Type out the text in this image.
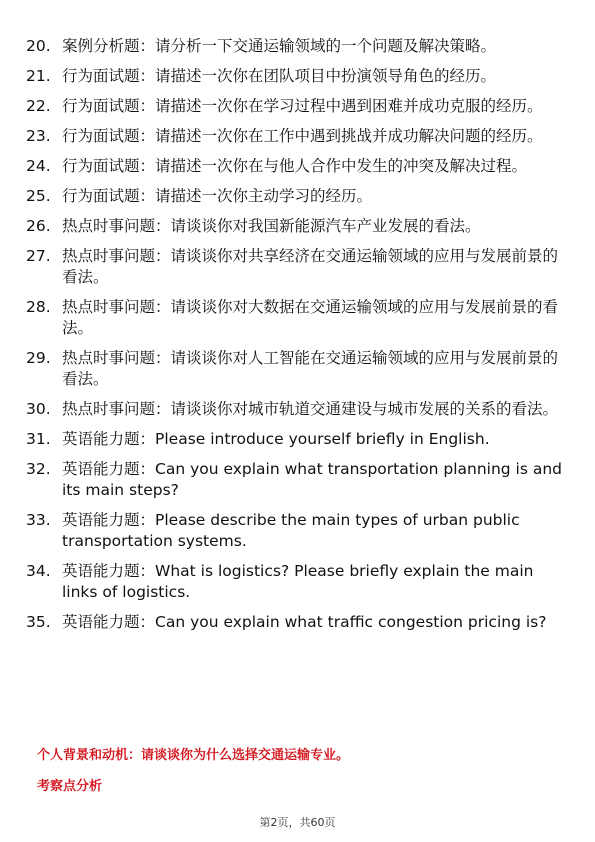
20. 案例分析题：请分析一下交通运输领域的一个问题及解决策略。
21. 行为面试题：请描述一次你在团队项目中扮演领导角色的经历。
22. 行为面试题：请描述一次你在学习过程中遇到困难并成功克服的经历。
23. 行为面试题：请描述一次你在工作中遇到挑战并成功解决问题的经历。
24. 行为面试题：请描述一次你在与他人合作中发生的冲突及解决过程。
25. 行为面试题：请描述一次你主动学习的经历。
26. 热点时事问题：请谈谈你对我国新能源汽车产业发展的看法。
27. 热点时事问题：请谈谈你对共享经济在交通运输领域的应用与发展前景的看法。
28. 热点时事问题：请谈谈你对大数据在交通运输领域的应用与发展前景的看法。
29. 热点时事问题：请谈谈你对人工智能在交通运输领域的应用与发展前景的看法。
30. 热点时事问题：请谈谈你对城市轨道交通建设与城市发展的关系的看法。
31. 英语能力题：Please introduce yourself briefly in English.
32. 英语能力题：Can you explain what transportation planning is and its main steps?
33. 英语能力题：Please describe the main types of urban public transportation systems.
34. 英语能力题：What is logistics? Please briefly explain the main links of logistics.
35. 英语能力题：Can you explain what traffic congestion pricing is?
个人背景和动机：请谈谈你为什么选择交通运输专业。
考察点分析
第2页，共60页
